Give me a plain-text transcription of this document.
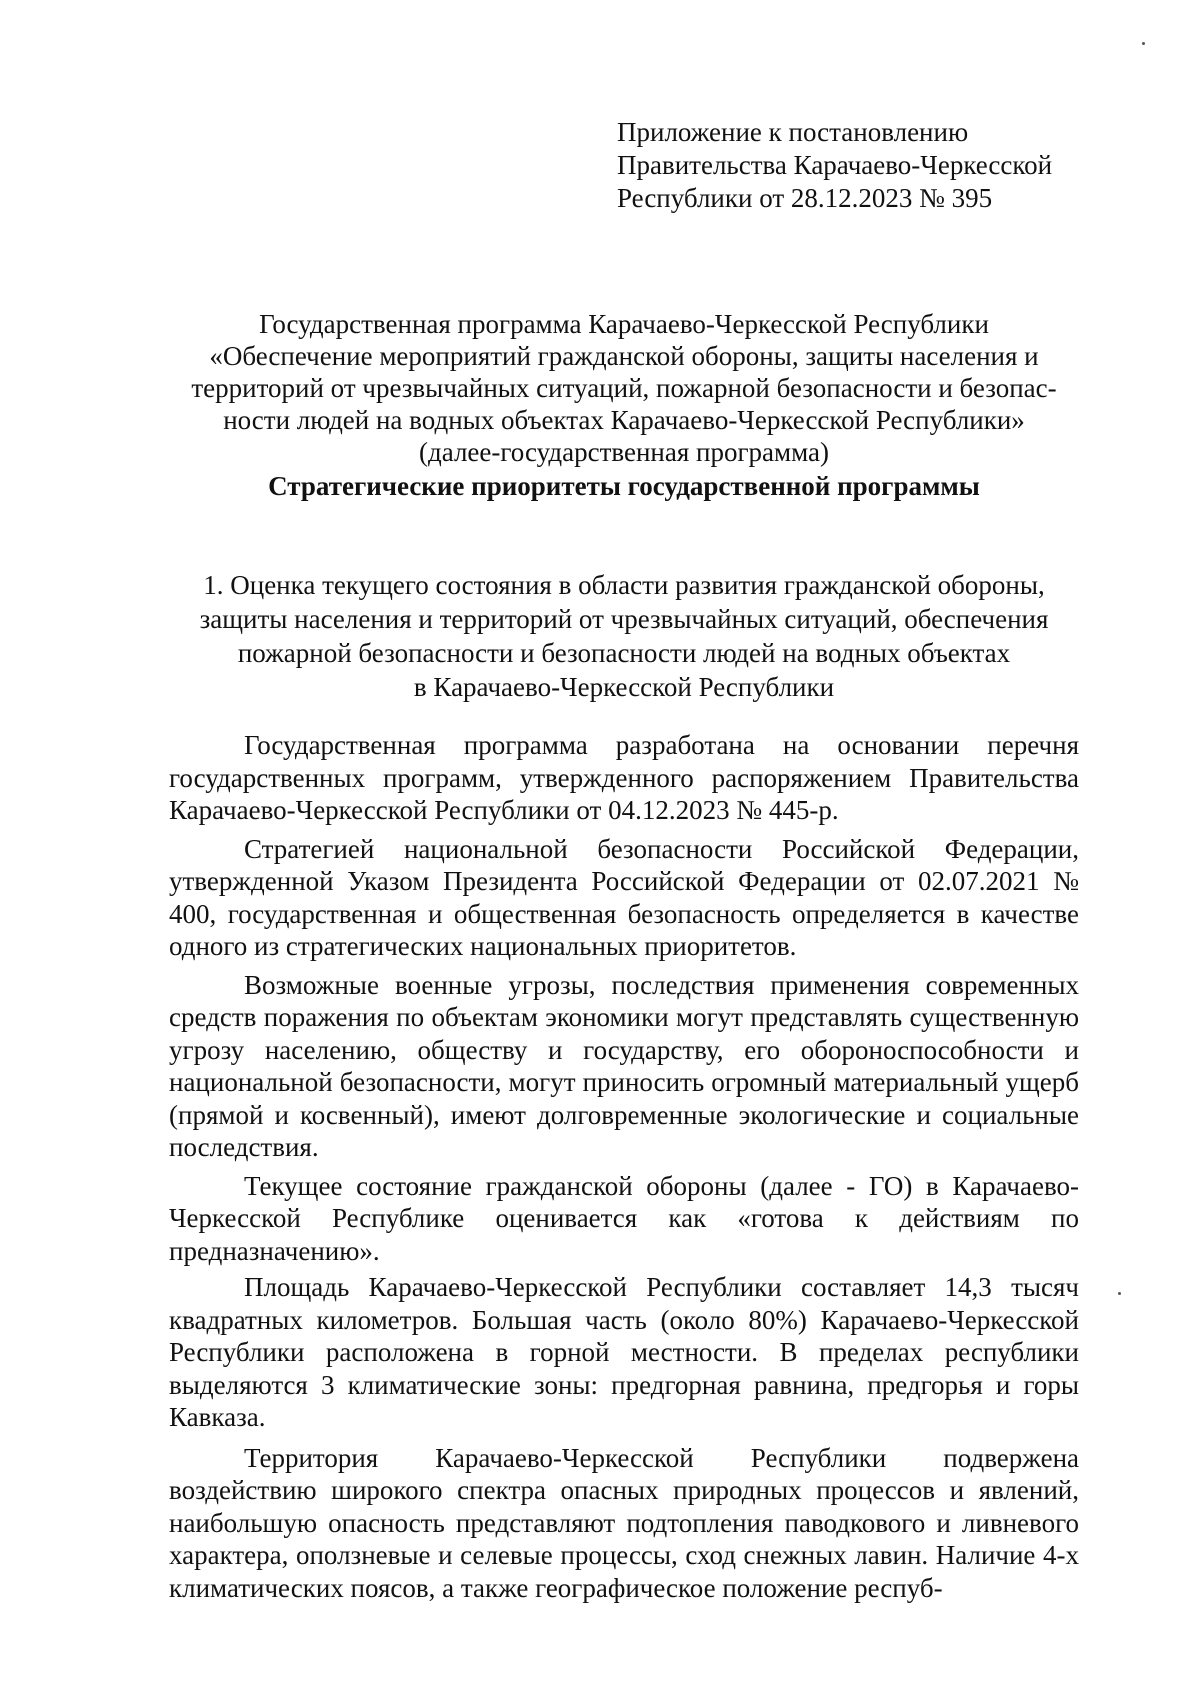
Приложение к постановлению
Правительства Карачаево-Черкесской
Республики от 28.12.2023 № 395
Государственная программа Карачаево-Черкесской Республики
«Обеспечение мероприятий гражданской обороны, защиты населения и
территорий от чрезвычайных ситуаций, пожарной безопасности и безопас-
ности людей на водных объектах Карачаево-Черкесской Республики»
(далее-государственная программа)
Стратегические приоритеты государственной программы
1. Оценка текущего состояния в области развития гражданской обороны,
защиты населения и территорий от чрезвычайных ситуаций, обеспечения
пожарной безопасности и безопасности людей на водных объектах
в Карачаево-Черкесской Республики

Государственная программа разработана на основании перечня государственных программ, утвержденного распоряжением Правительства Карачаево-Черкесской Республики от 04.12.2023 № 445-р.

Стратегией национальной безопасности Российской Федерации, утвержденной Указом Президента Российской Федерации от 02.07.2021 № 400, государственная и общественная безопасность определяется в качестве одного из стратегических национальных приоритетов.

Возможные военные угрозы, последствия применения современных средств поражения по объектам экономики могут представлять существенную угрозу населению, обществу и государству, его обороноспособности и национальной безопасности, могут приносить огромный материальный ущерб (прямой и косвенный), имеют долговременные экологические и социальные последствия.

Текущее состояние гражданской обороны (далее - ГО) в Карачаево-Черкесской Республике оценивается как «готова к действиям по предназначению».

Площадь Карачаево-Черкесской Республики составляет 14,3 тысяч квадратных километров. Большая часть (около 80%) Карачаево-Черкесской Республики расположена в горной местности. В пределах республики выделяются 3 климатические зоны: предгорная равнина, предгорья и горы Кавказа.

Территория Карачаево-Черкесской Республики подвержена воздействию широкого спектра опасных природных процессов и явлений, наибольшую опасность представляют подтопления паводкового и ливневого характера, оползневые и селевые процессы, сход снежных лавин. Наличие 4-х климатических поясов, а также географическое положение респуб-
